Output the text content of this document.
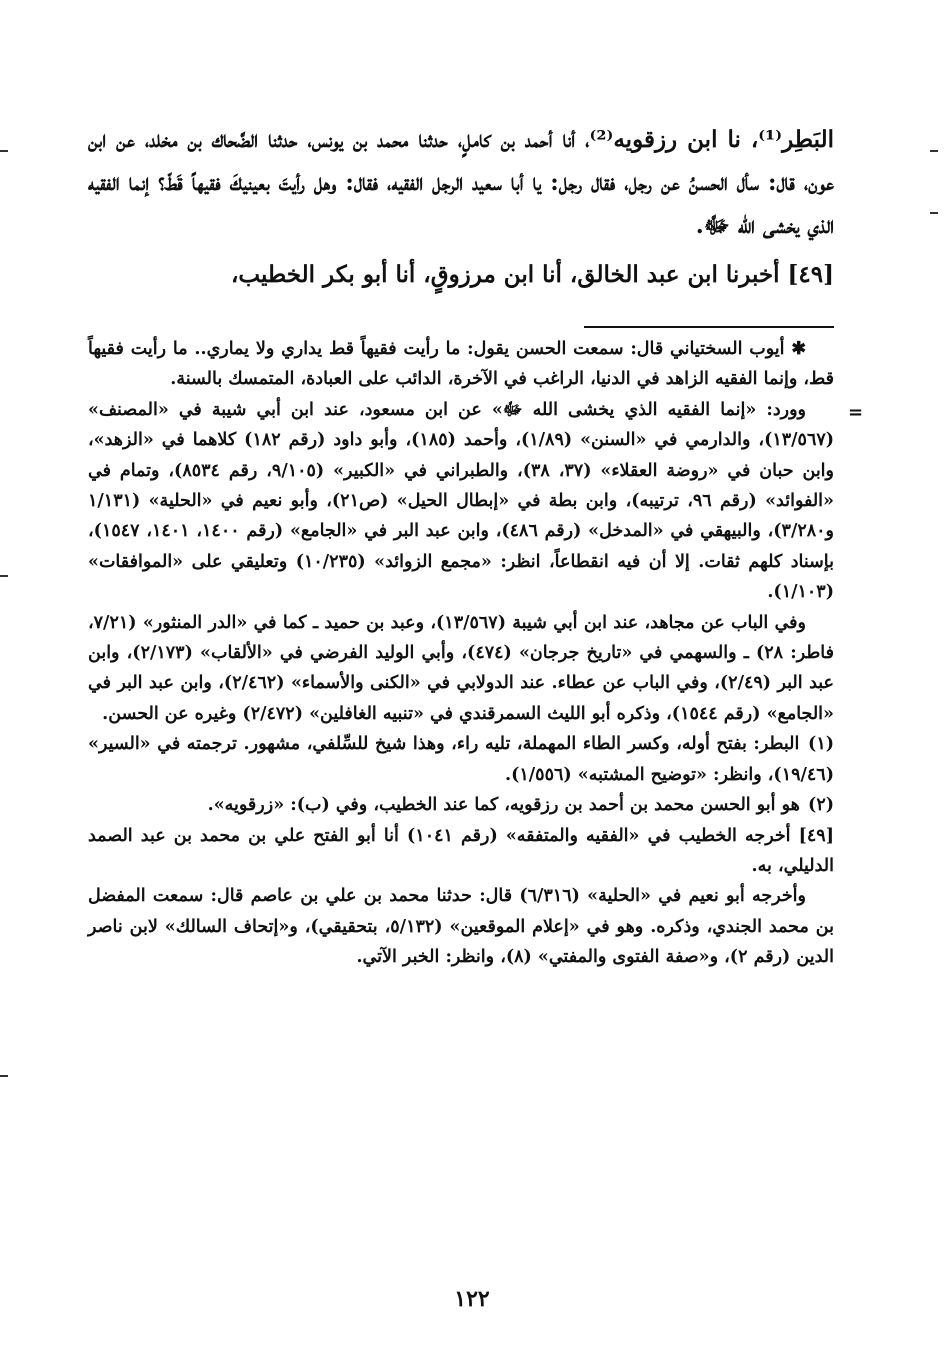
=

البَطِر⁽¹⁾، نا ابن رزقويه⁽²⁾، أنا أحمد بن كاملٍ، حدثنا محمد بن يونس، حدثنا الضَّحاك بن مخلد، عن ابن عون، قال: سأل الحسنُ عن رجل، فقال رجل: يا أبا سعيد الرجل الفقيه، فقال: وهل رأيتَ بعينيكَ فقيهاً قَطّ؟ إنما الفقيه الذي يخشى الله ﷻ.

[٤٩] أخبرنا ابن عبد الخالق، أنا ابن مرزوقٍ، أنا أبو بكر الخطيب،

✱ أيوب السختياني قال: سمعت الحسن يقول: ما رأيت فقيهاً قط يداري ولا يماري.. ما رأيت فقيهاً قط، وإنما الفقيه الزاهد في الدنيا، الراغب في الآخرة، الدائب على العبادة، المتمسك بالسنة.

وورد: «إنما الفقيه الذي يخشى الله ﷻ» عن ابن مسعود، عند ابن أبي شيبة في «المصنف» (١٣/٥٦٧)، والدارمي في «السنن» (١/٨٩)، وأحمد (١٨٥)، وأبو داود (رقم ١٨٢) كلاهما في «الزهد»، وابن حبان في «روضة العقلاء» (٣٧، ٣٨)، والطبراني في «الكبير» (٩/١٠٥، رقم ٨٥٣٤)، وتمام في «الفوائد» (رقم ٩٦، ترتيبه)، وابن بطة في «إبطال الحيل» (ص٢١)، وأبو نعيم في «الحلية» (١/١٣١ و٣/٢٨٠)، والبيهقي في «المدخل» (رقم ٤٨٦)، وابن عبد البر في «الجامع» (رقم ١٤٠٠، ١٤٠١، ١٥٤٧)، بإسناد كلهم ثقات. إلا أن فيه انقطاعاً، انظر: «مجمع الزوائد» (١٠/٢٣٥) وتعليقي على «الموافقات» (١/١٠٣).

وفي الباب عن مجاهد، عند ابن أبي شيبة (١٣/٥٦٧)، وعبد بن حميد ـ كما في «الدر المنثور» (٧/٢١، فاطر: ٢٨) ـ والسهمي في «تاريخ جرجان» (٤٧٤)، وأبي الوليد الفرضي في «الألقاب» (٢/١٧٣)، وابن عبد البر (٢/٤٩)، وفي الباب عن عطاء. عند الدولابي في «الكنى والأسماء» (٢/٤٦٢)، وابن عبد البر في «الجامع» (رقم ١٥٤٤)، وذكره أبو الليث السمرقندي في «تنبيه الغافلين» (٢/٤٧٢) وغيره عن الحسن.

(١) البطر: بفتح أوله، وكسر الطاء المهملة، تليه راء، وهذا شيخ للسِّلفي، مشهور. ترجمته في «السير» (١٩/٤٦)، وانظر: «توضيح المشتبه» (١/٥٥٦).

(٢) هو أبو الحسن محمد بن أحمد بن رزقويه، كما عند الخطيب، وفي (ب): «زرقويه».

[٤٩] أخرجه الخطيب في «الفقيه والمتفقه» (رقم ١٠٤١) أنا أبو الفتح علي بن محمد بن عبد الصمد الدليلي، به.

وأخرجه أبو نعيم في «الحلية» (٦/٣١٦) قال: حدثنا محمد بن علي بن عاصم قال: سمعت المفضل بن محمد الجندي، وذكره. وهو في «إعلام الموقعين» (٥/١٣٢، بتحقيقي)، و«إتحاف السالك» لابن ناصر الدين (رقم ٢)، و«صفة الفتوى والمفتي» (٨)، وانظر: الخبر الآتي.

١٢٢
